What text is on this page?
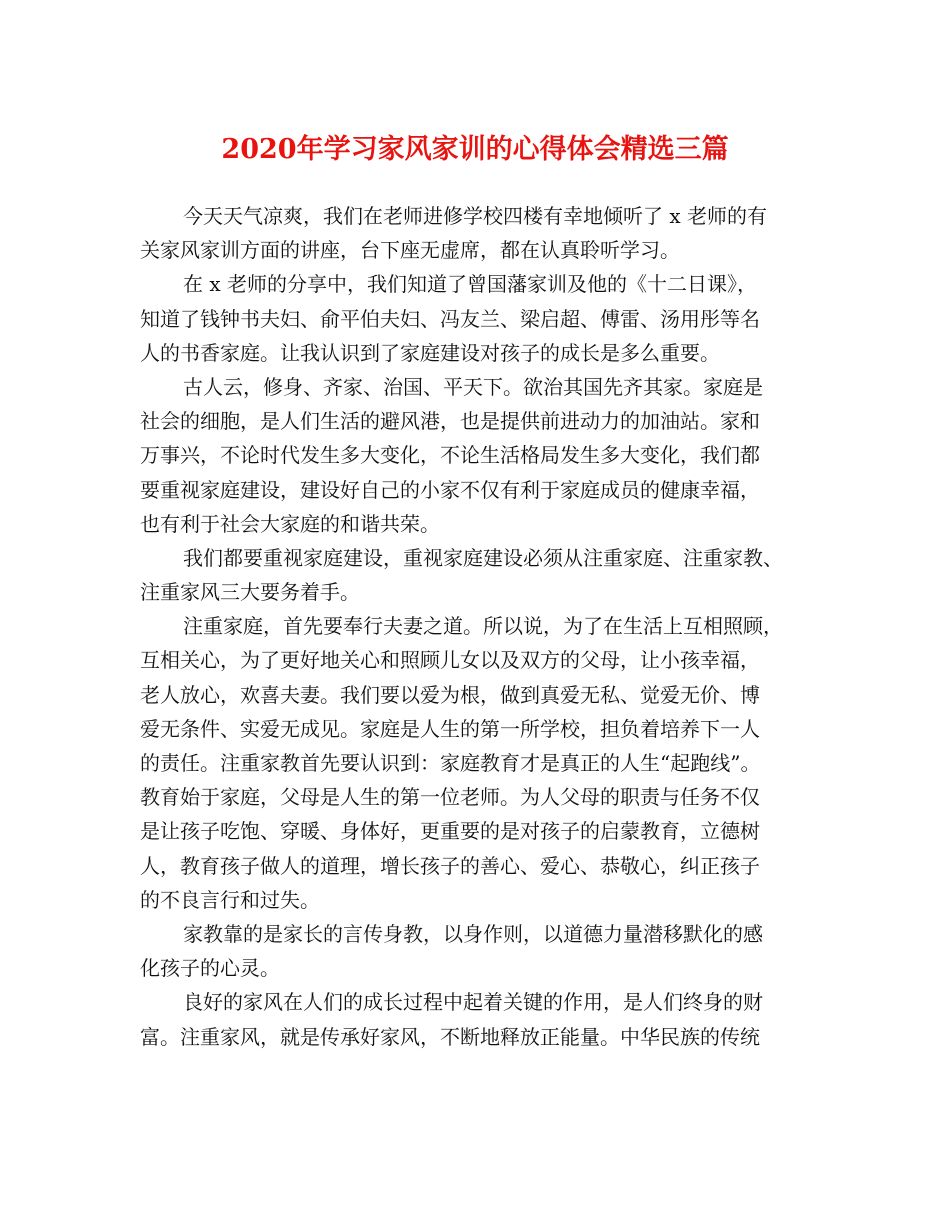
2020年学习家风家训的心得体会精选三篇
今天天气凉爽，我们在老师进修学校四楼有幸地倾听了 x 老师的有
关家风家训方面的讲座，台下座无虚席，都在认真聆听学习。
在 x 老师的分享中，我们知道了曾国藩家训及他的《十二日课》，
知道了钱钟书夫妇、俞平伯夫妇、冯友兰、梁启超、傅雷、汤用彤等名
人的书香家庭。让我认识到了家庭建设对孩子的成长是多么重要。
古人云，修身、齐家、治国、平天下。欲治其国先齐其家。家庭是
社会的细胞，是人们生活的避风港，也是提供前进动力的加油站。家和
万事兴，不论时代发生多大变化，不论生活格局发生多大变化，我们都
要重视家庭建设，建设好自己的小家不仅有利于家庭成员的健康幸福，
也有利于社会大家庭的和谐共荣。
我们都要重视家庭建设，重视家庭建设必须从注重家庭、注重家教、
注重家风三大要务着手。
注重家庭，首先要奉行夫妻之道。所以说，为了在生活上互相照顾，
互相关心，为了更好地关心和照顾儿女以及双方的父母，让小孩幸福，
老人放心，欢喜夫妻。我们要以爱为根，做到真爱无私、觉爱无价、博
爱无条件、实爱无成见。家庭是人生的第一所学校，担负着培养下一人
的责任。注重家教首先要认识到：家庭教育才是真正的人生“起跑线”。
教育始于家庭，父母是人生的第一位老师。为人父母的职责与任务不仅
是让孩子吃饱、穿暖、身体好，更重要的是对孩子的启蒙教育，立德树
人，教育孩子做人的道理，增长孩子的善心、爱心、恭敬心，纠正孩子
的不良言行和过失。
家教靠的是家长的言传身教，以身作则，以道德力量潜移默化的感
化孩子的心灵。
良好的家风在人们的成长过程中起着关键的作用，是人们终身的财
富。注重家风，就是传承好家风，不断地释放正能量。中华民族的传统
